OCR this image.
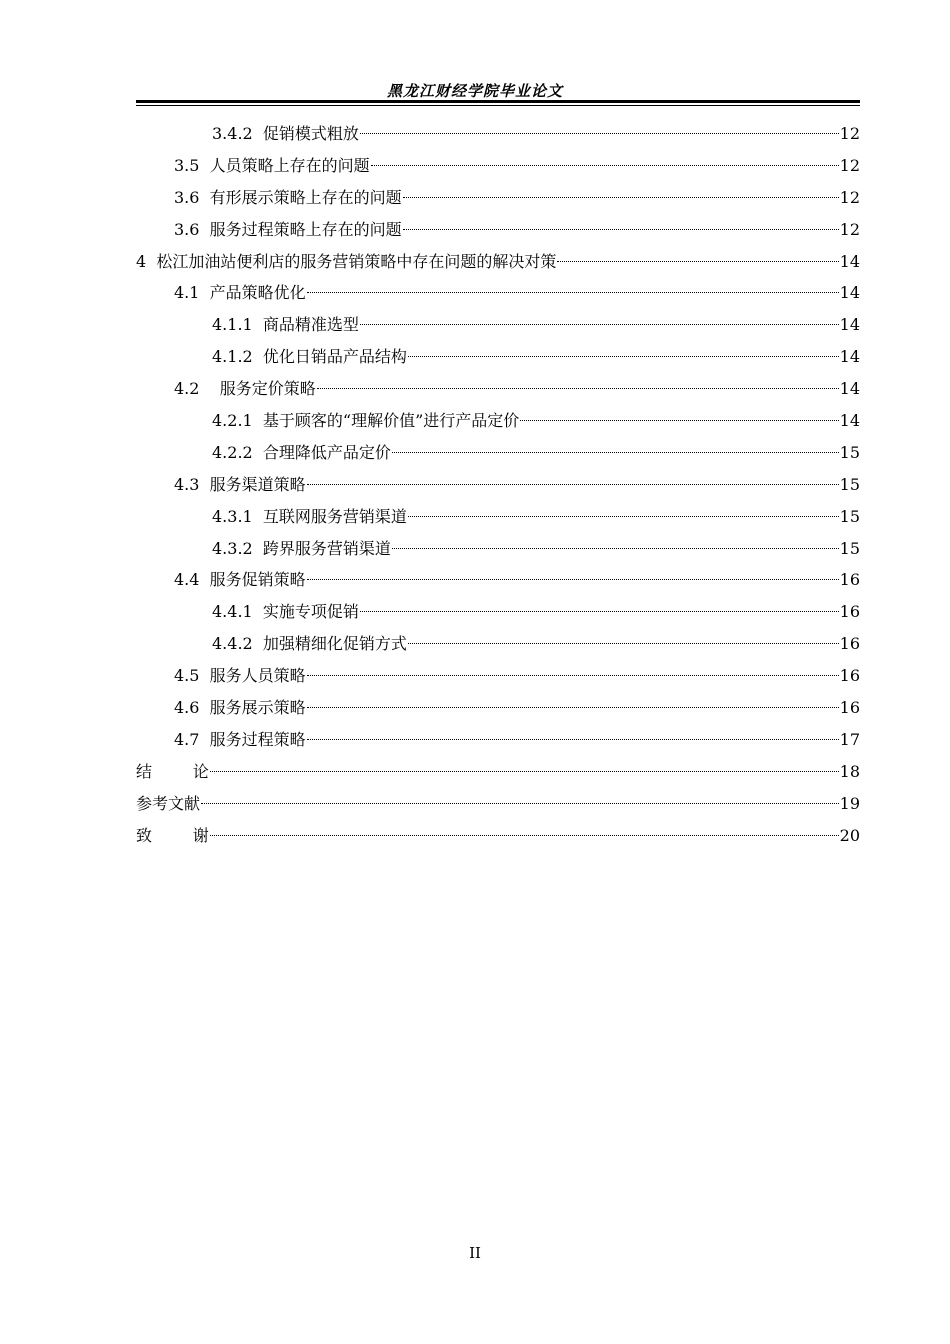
黑龙江财经学院毕业论文
3.4.2 促销模式粗放	12
3.5 人员策略上存在的问题	12
3.6 有形展示策略上存在的问题	12
3.6 服务过程策略上存在的问题	12
4 松江加油站便利店的服务营销策略中存在问题的解决对策	14
4.1 产品策略优化	14
4.1.1 商品精准选型	14
4.1.2 优化日销品产品结构	14
4.2 服务定价策略	14
4.2.1 基于顾客的“理解价值”进行产品定价	14
4.2.2 合理降低产品定价	15
4.3 服务渠道策略	15
4.3.1 互联网服务营销渠道	15
4.3.2 跨界服务营销渠道	15
4.4 服务促销策略	16
4.4.1 实施专项促销	16
4.4.2 加强精细化促销方式	16
4.5 服务人员策略	16
4.6 服务展示策略	16
4.7 服务过程策略	17
结        论	18
参考文献	19
致        谢	20
II
